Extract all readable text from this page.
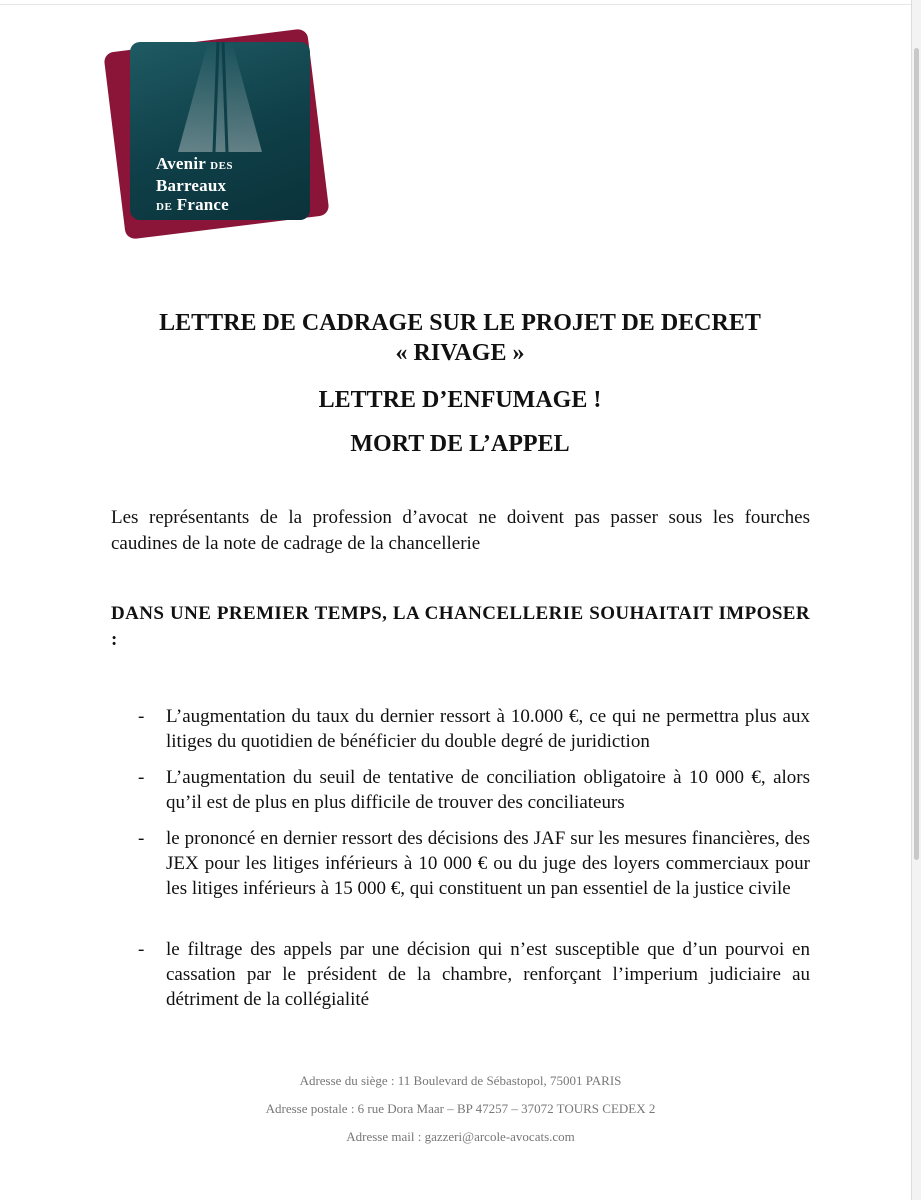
Avenir DES
Barreaux
DE France
LETTRE DE CADRAGE SUR LE PROJET DE DECRET
« RIVAGE »
LETTRE D’ENFUMAGE !
MORT DE L’APPEL

Les représentants de la profession d’avocat ne doivent pas passer sous les fourches caudines de la note de cadrage de la chancellerie

DANS UNE PREMIER TEMPS, LA CHANCELLERIE SOUHAITAIT IMPOSER :

- L’augmentation du taux du dernier ressort à 10.000 €, ce qui ne permettra plus aux litiges du quotidien de bénéficier du double degré de juridiction
- L’augmentation du seuil de tentative de conciliation obligatoire à 10 000 €, alors qu’il est de plus en plus difficile de trouver des conciliateurs
- le prononcé en dernier ressort des décisions des JAF sur les mesures financières, des JEX pour les litiges inférieurs à 10 000 € ou du juge des loyers commerciaux pour les litiges inférieurs à 15 000 €, qui constituent un pan essentiel de la justice civile
- le filtrage des appels par une décision qui n’est susceptible que d’un pourvoi en cassation par le président de la chambre, renforçant l’imperium judiciaire au détriment de la collégialité
Adresse du siège : 11 Boulevard de Sébastopol, 75001 PARIS
Adresse postale : 6 rue Dora Maar – BP 47257 – 37072 TOURS CEDEX 2
Adresse mail : gazzeri@arcole-avocats.com
